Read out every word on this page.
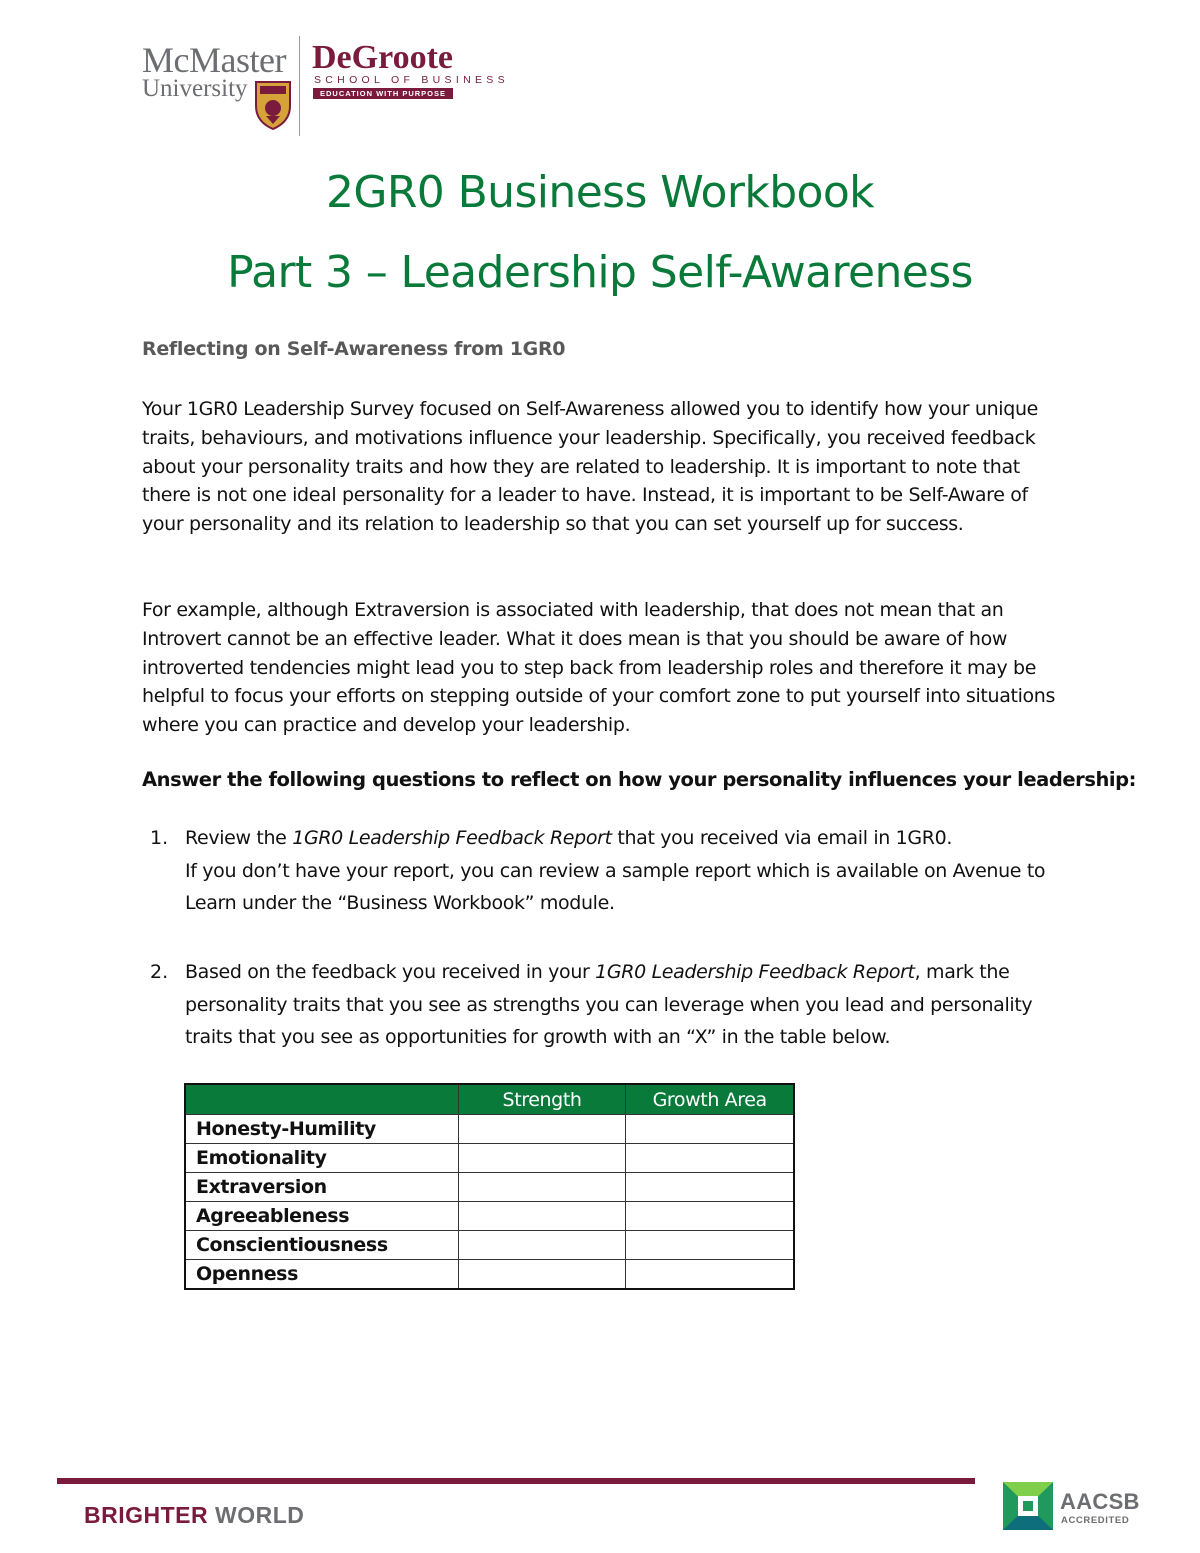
McMaster
University
DeGroote
SCHOOL OF BUSINESS
EDUCATION WITH PURPOSE
2GR0 Business Workbook
Part 3 – Leadership Self-Awareness
Reflecting on Self-Awareness from 1GR0
Your 1GR0 Leadership Survey focused on Self-Awareness allowed you to identify how your unique traits, behaviours, and motivations influence your leadership. Specifically, you received feedback about your personality traits and how they are related to leadership. It is important to note that there is not one ideal personality for a leader to have. Instead, it is important to be Self-Aware of your personality and its relation to leadership so that you can set yourself up for success.
For example, although Extraversion is associated with leadership, that does not mean that an Introvert cannot be an effective leader. What it does mean is that you should be aware of how introverted tendencies might lead you to step back from leadership roles and therefore it may be helpful to focus your efforts on stepping outside of your comfort zone to put yourself into situations where you can practice and develop your leadership.
Answer the following questions to reflect on how your personality influences your leadership:
1. Review the 1GR0 Leadership Feedback Report that you received via email in 1GR0.
If you don’t have your report, you can review a sample report which is available on Avenue to Learn under the “Business Workbook” module.
2. Based on the feedback you received in your 1GR0 Leadership Feedback Report, mark the personality traits that you see as strengths you can leverage when you lead and personality traits that you see as opportunities for growth with an “X” in the table below.
	Strength	Growth Area
Honesty-Humility		
Emotionality		
Extraversion		
Agreeableness		
Conscientiousness		
Openness		
BRIGHTER WORLD
AACSB
ACCREDITED
